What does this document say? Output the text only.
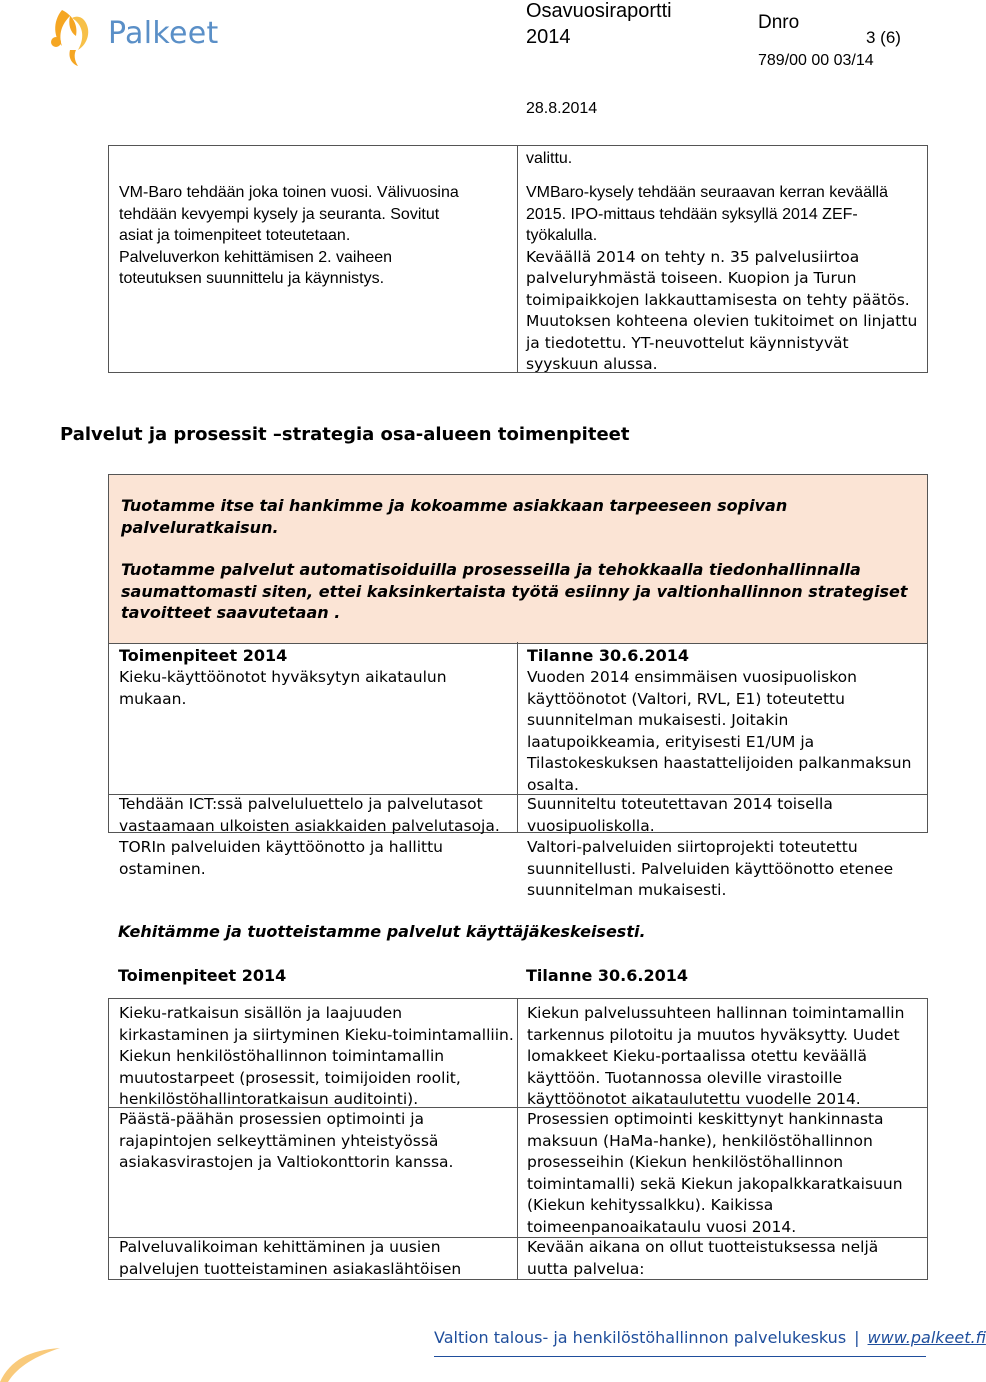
Palkeet
Osavuosiraportti
2014
Dnro
3 (6)
789/00 00 03/14
28.8.2014
VM-Baro tehdään joka toinen vuosi. Välivuosina
tehdään kevyempi kysely ja seuranta. Sovitut
asiat ja toimenpiteet toteutetaan.
Palveluverkon kehittämisen 2. vaiheen
toteutuksen suunnittelu ja käynnistys.
valittu.
VMBaro-kysely tehdään seuraavan kerran keväällä
2015. IPO-mittaus tehdään syksyllä 2014 ZEF-
työkalulla.
Keväällä 2014 on tehty n. 35 palvelusiirtoa
palveluryhmästä toiseen. Kuopion ja Turun
toimipaikkojen lakkauttamisesta on tehty päätös.
Muutoksen kohteena olevien tukitoimet on linjattu
ja tiedotettu. YT-neuvottelut käynnistyvät
syyskuun alussa.
Palvelut ja prosessit –strategia osa-alueen toimenpiteet
Tuotamme itse tai hankimme ja kokoamme asiakkaan tarpeeseen sopivan
palveluratkaisun.
Tuotamme palvelut automatisoiduilla prosesseilla ja tehokkaalla tiedonhallinnalla
saumattomasti siten, ettei kaksinkertaista työtä esiinny ja valtionhallinnon strategiset
tavoitteet saavutetaan .
Toimenpiteet 2014	Tilanne 30.6.2014
Kieku-käyttöönotot hyväksytyn aikataulun
mukaan.
Vuoden 2014 ensimmäisen vuosipuoliskon
käyttöönotot (Valtori, RVL, E1) toteutettu
suunnitelman mukaisesti. Joitakin
laatupoikkeamia, erityisesti E1/UM ja
Tilastokeskuksen haastattelijoiden palkanmaksun
osalta.
Tehdään ICT:ssä palveluluettelo ja palvelutasot
vastaamaan ulkoisten asiakkaiden palvelutasoja.
Suunniteltu toteutettavan 2014 toisella
vuosipuoliskolla.
TORIn palveluiden käyttöönotto ja hallittu
ostaminen.
Valtori-palveluiden siirtoprojekti toteutettu
suunnitellusti. Palveluiden käyttöönotto etenee
suunnitelman mukaisesti.
Kehitämme ja tuotteistamme palvelut käyttäjäkeskeisesti.
Toimenpiteet 2014	Tilanne 30.6.2014
Kieku-ratkaisun sisällön ja laajuuden
kirkastaminen ja siirtyminen Kieku-toimintamalliin.
Kiekun henkilöstöhallinnon toimintamallin
muutostarpeet (prosessit, toimijoiden roolit,
henkilöstöhallintoratkaisun auditointi).
Kiekun palvelussuhteen hallinnan toimintamallin
tarkennus pilotoitu ja muutos hyväksytty. Uudet
lomakkeet Kieku-portaalissa otettu keväällä
käyttöön. Tuotannossa oleville virastoille
käyttöönotot aikataulutettu vuodelle 2014.
Päästä-päähän prosessien optimointi ja
rajapintojen selkeyttäminen yhteistyössä
asiakasvirastojen ja Valtiokonttorin kanssa.
Prosessien optimointi keskittynyt hankinnasta
maksuun (HaMa-hanke), henkilöstöhallinnon
prosesseihin (Kiekun henkilöstöhallinnon
toimintamalli) sekä Kiekun jakopalkkaratkaisuun
(Kiekun kehityssalkku). Kaikissa
toimeenpanoaikataulu vuosi 2014.
Palveluvalikoiman kehittäminen ja uusien
palvelujen tuotteistaminen asiakaslähtöisen
Kevään aikana on ollut tuotteistuksessa neljä
uutta palvelua:
Valtion talous- ja henkilöstöhallinnon palvelukeskus | www.palkeet.fi
